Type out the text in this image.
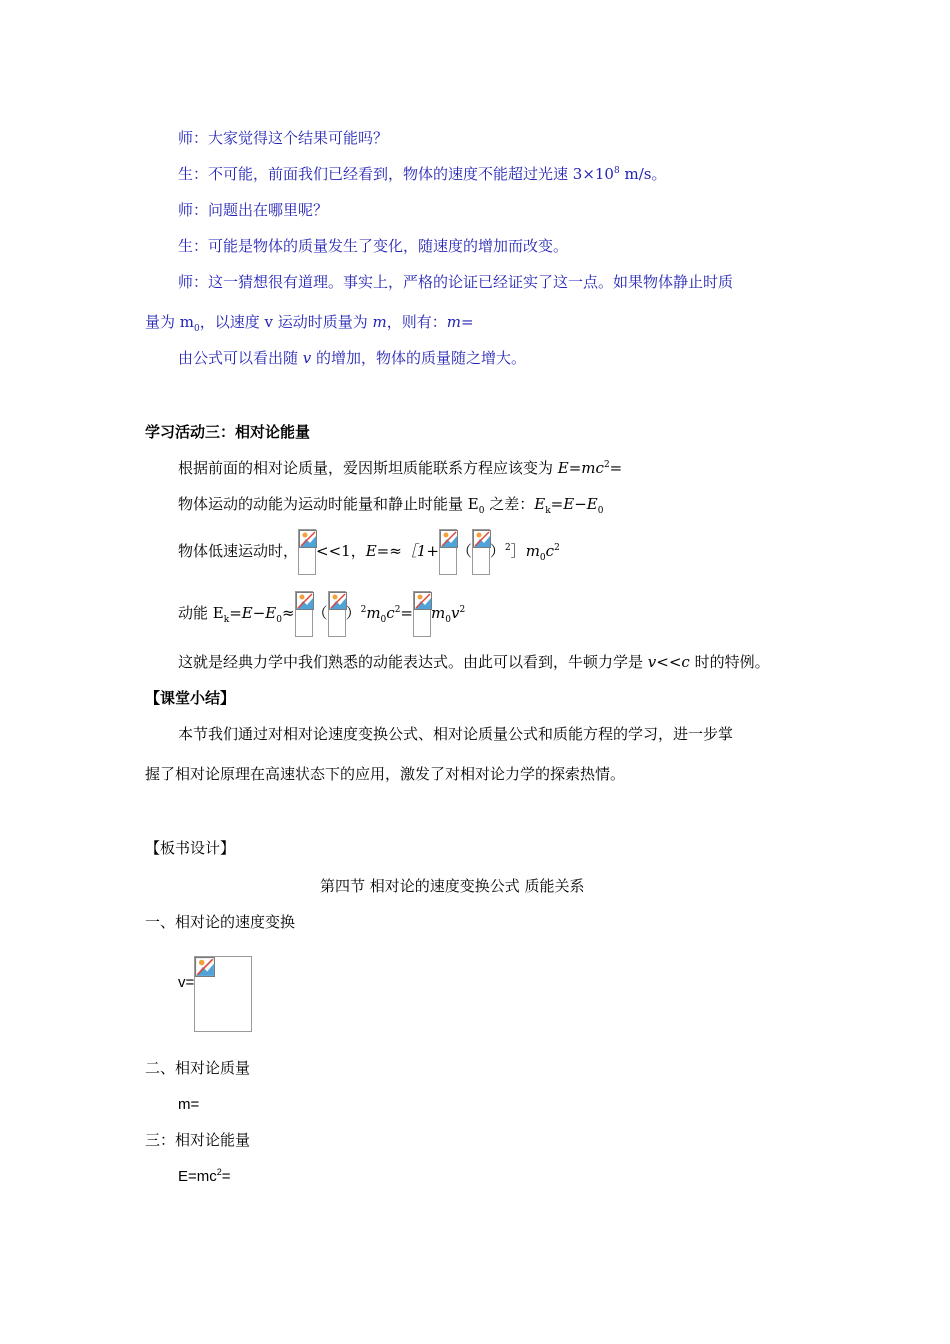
师：大家觉得这个结果可能吗？
生：不可能，前面我们已经看到，物体的速度不能超过光速 $3\times 10^8$ m/s。
师：问题出在哪里呢？
生：可能是物体的质量发生了变化，随速度的增加而改变。
师：这一猜想很有道理。事实上，严格的论证已经证实了这一点。如果物体静止时质
量为 $m_0$，以速度 v 运动时质量为 m，则有：m=
由公式可以看出随 v 的增加，物体的质量随之增大。
学习活动三：相对论能量
根据前面的相对论质量，爱因斯坦质能联系方程应该变为 $E=mc^2=$
物体运动的动能为运动时能量和静止时能量 $E_0$ 之差：$E_k=E-E_0$
物体低速运动时， <<1，E=≈［1+ （ ）$^2]m_0c^2$
动能 $E_k=E-E_0\approx$ （ ）$^2m_0c^2= m_0v^2$
这就是经典力学中我们熟悉的动能表达式。由此可以看到，牛顿力学是 v<<c 时的特例。
【课堂小结】
本节我们通过对相对论速度变换公式、相对论质量公式和质能方程的学习，进一步掌
握了相对论原理在高速状态下的应用，激发了对相对论力学的探索热情。
【板书设计】
第四节 相对论的速度变换公式 质能关系
一、相对论的速度变换
v=
二、相对论质量
m=
三：相对论能量
$E=mc^2=$
